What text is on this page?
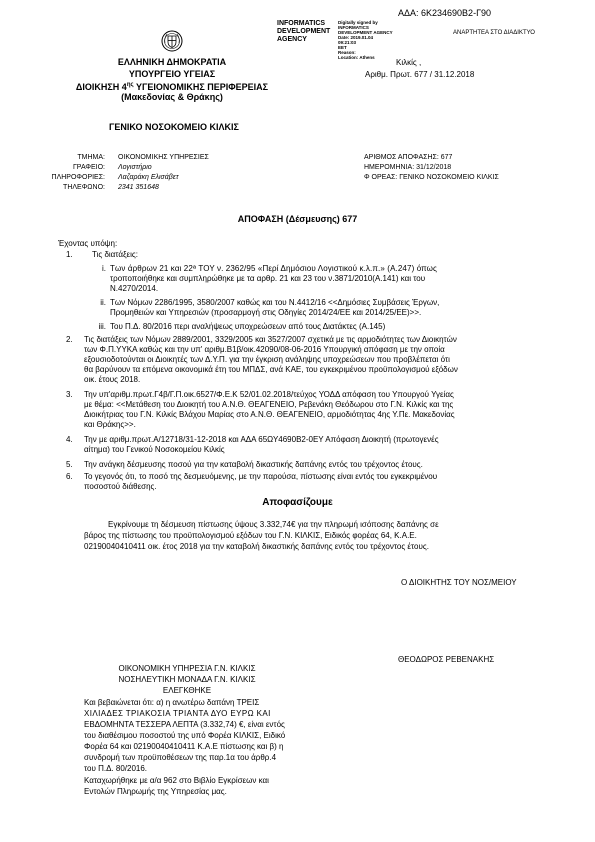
ΑΔΑ: 6Κ234690Β2-Γ90
INFORMATICS
DEVELOPMENT
AGENCY
Digitally signed by
INFORMATICS
DEVELOPMENT AGENCY
Date: 2019.01.04
09:21:03
EET
Reason:
Location: Athens
ΑΝΑΡΤΗΤΕΑ ΣΤΟ ΔΙΑΔΙΚΤΥΟ
ΕΛΛΗΝΙΚΗ ΔΗΜΟΚΡΑΤΙΑ
ΥΠΟΥΡΓΕΙΟ ΥΓΕΙΑΣ
ΔΙΟΙΚΗΣΗ $4^{\eta\varsigma}$ ΥΓΕΙΟΝΟΜΙΚΗΣ ΠΕΡΙΦΕΡΕΙΑΣ
(Μακεδονίας & Θράκης)
ΓΕΝΙΚΟ ΝΟΣΟΚΟΜΕΙΟ ΚΙΛΚΙΣ
Κιλκίς ,
Αριθμ. Πρωτ. 677 / 31.12.2018
ΤΜΗΜΑ: ΟΙΚΟΝΟΜΙΚΗΣ ΥΠΗΡΕΣΙΕΣ
ΓΡΑΦΕΙΟ: Λογιστήριο
ΠΛΗΡΟΦΟΡΙΕΣ: Λαζαράκη Ελισάβετ
ΤΗΛΕΦΩΝΟ: 2341 351648
ΑΡΙΘΜΟΣ ΑΠΟΦΑΣΗΣ: 677
ΗΜΕΡΟΜΗΝΙΑ: 31/12/2018
Φ ΟΡΕΑΣ: ΓΕΝΙΚΟ ΝΟΣΟΚΟΜΕΙΟ ΚΙΛΚΙΣ
ΑΠΟΦΑΣΗ (Δέσμευσης) 677
Έχοντας υπόψη:
1. Τις διατάξεις:
i. Των άρθρων 21 και 22ª ΤΟΥ ν. 2362/95 «Περί Δημόσιου Λογιστικού κ.λ.π.» (Α.247) όπως
τροποποιήθηκε και συμπληρώθηκε με τα αρθρ. 21 και 23 του ν.3871/2010(Α.141) και του
Ν.4270/2014.
ii. Των Νόμων 2286/1995, 3580/2007 καθώς και του Ν.4412/16 <<Δημόσιες Συμβάσεις Έργων,
Προμηθειών και Υπηρεσιών (προσαρμογή στις Οδηγίες 2014/24/ΕΕ και 2014/25/ΕΕ)>>.
iii. Του Π.Δ. 80/2016 περι αναλήψεως υποχρεώσεων από τους Διατάκτες (Α.145)
2. Τις διατάξεις των Νόμων 2889/2001, 3329/2005 και 3527/2007 σχετικά με τις αρμοδιότητες των Διοικητών
των Φ.Π.ΥΥΚΑ καθώς και την υπ' αριθμ.Β1β/οικ.42090/08-06-2016 Υπουργική απόφαση με την οποία
εξουσιοδοτούνται οι Διοικητές των Δ.Υ.Π. για την έγκριση ανάληψης υποχρεώσεων που προβλέπεται ότι
θα βαρύνουν τα επόμενα οικονομικά έτη του ΜΠΔΣ, ανά ΚΑΕ, του εγκεκριμένου προϋπολογισμού εξόδων
οικ. έτους 2018.
3. Την υπ'αριθμ.πρωτ.Γ4β/Γ.Π.οικ.6527/Φ.Ε.Κ 52/01.02.2018/τεύχος ΥΟΔΔ απόφαση του Υπουργού Υγείας
με θέμα: <<Μετάθεση του Διοικητή του Α.Ν.Θ. ΘΕΑΓΕΝΕΙΟ, Ρεβενάκη Θεόδωρου στο Γ.Ν. Κιλκίς και της
Διοικήτριας του Γ.Ν. Κιλκίς Βλάχου Μαρίας στο Α.Ν.Θ. ΘΕΑΓΕΝΕΙΟ, αρμοδιότητας 4ης Υ.Πε. Μακεδονίας
και Θράκης>>.
4. Την με αριθμ.πρωτ.Α/12718/31-12-2018 και ΑΔΑ 65ΩΥ4690Β2-0ΕΥ Απόφαση Διοικητή (πρωτογενές
αίτημα) του Γενικού Νοσοκομείου Κιλκίς
5. Την ανάγκη δέσμευσης ποσού για την καταβολή δικαστικής δαπάνης εντός του τρέχοντος έτους.
6. Το γεγονός ότι, το ποσό της δεσμευόμενης, με την παρούσα, πίστωσης είναι εντός του εγκεκριμένου
ποσοστού διάθεσης.
Αποφασίζουμε
Εγκρίνουμε τη δέσμευση πίστωσης ύψους 3.332,74€ για την πληρωμή ισόποσης δαπάνης σε
βάρος της πίστωσης του προϋπολογισμού εξόδων του Γ.Ν. ΚΙΛΚΙΣ, Ειδικός φορέας 64, Κ.Α.Ε.
02190040410411 οικ. έτος 2018 για την καταβολή δικαστικής δαπάνης εντός του τρέχοντος έτους.
Ο ΔΙΟΙΚΗΤΗΣ ΤΟΥ ΝΟΣ/ΜΕΙΟΥ
ΘΕΟΔΩΡΟΣ ΡΕΒΕΝΑΚΗΣ
ΟΙΚΟΝΟΜΙΚΗ ΥΠΗΡΕΣΙΑ Γ.Ν. ΚΙΛΚΙΣ
ΝΟΣΗΛΕΥΤΙΚΗ ΜΟΝΑΔΑ Γ.Ν. ΚΙΛΚΙΣ
ΕΛΕΓΚΘΗΚΕ
Και βεβαιώνεται ότι: α) η ανωτέρω δαπάνη ΤΡΕΙΣ
ΧΙΛΙΑΔΕΣ ΤΡΙΑΚΟΣΙΑ ΤΡΙΑΝΤΑ ΔΥΟ ΕΥΡΩ ΚΑΙ
ΕΒΔΟΜΗΝΤΑ ΤΕΣΣΕΡΑ ΛΕΠΤΑ (3.332,74) €, είναι εντός
του διαθέσιμου ποσοστού της υπό Φορέα ΚΙΛΚΙΣ, Ειδικό
Φορέα 64 και 02190040410411 Κ.Α.Ε πίστωσης και β) η
συνδρομή των προϋποθέσεων της παρ.1α του άρθρ.4
του Π.Δ. 80/2016.
Καταχωρήθηκε με α/α 962 στο Βιβλίο Εγκρίσεων και
Εντολών Πληρωμής της Υπηρεσίας μας.
